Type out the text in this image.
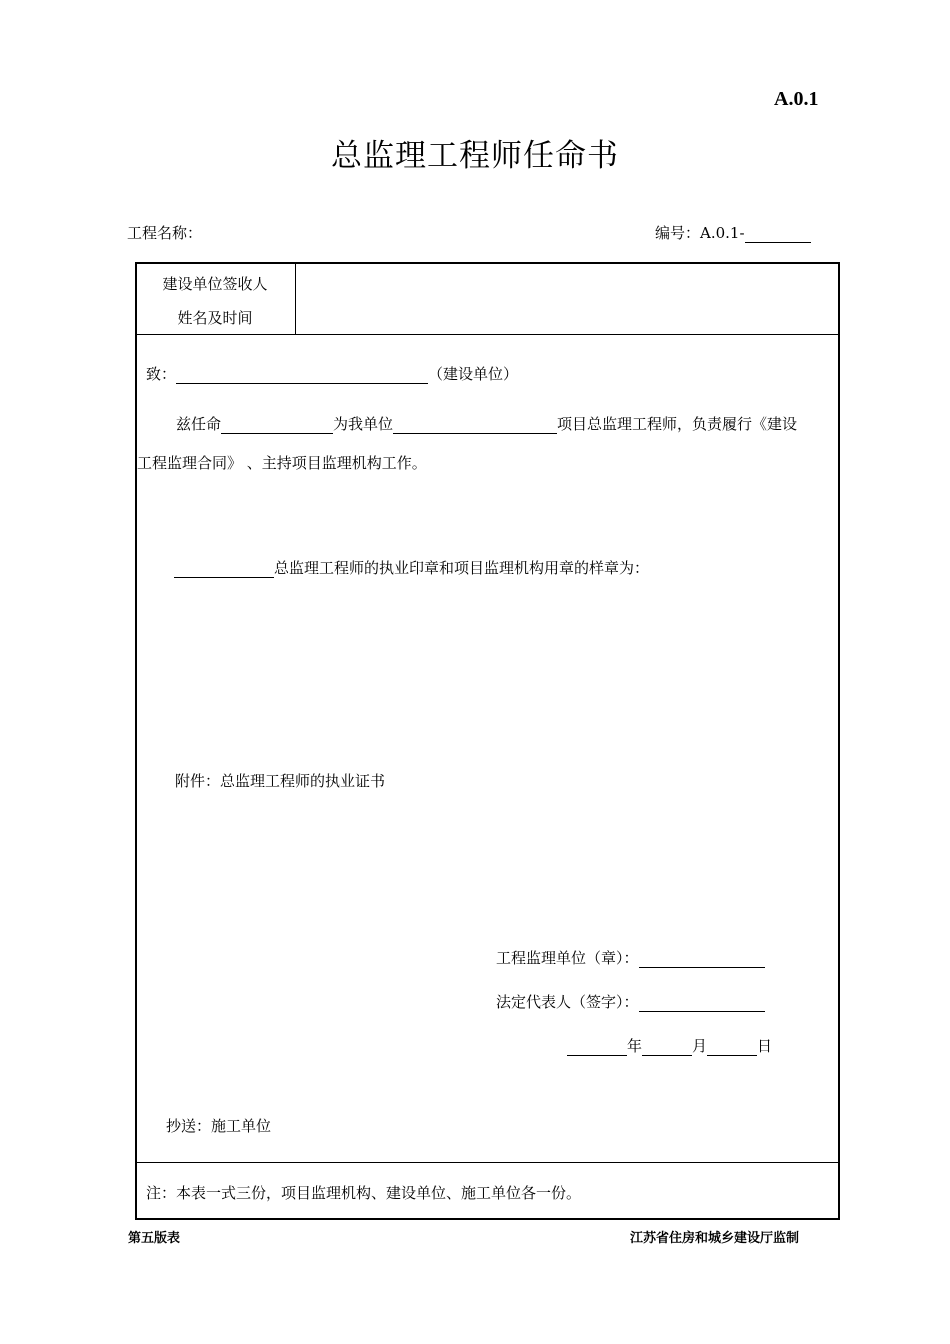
A.0.1
总监理工程师任命书
工程名称：	编号：A.0.1-
建设单位签收人
姓名及时间
致：	（建设单位）
兹任命	为我单位	项目总监理工程师，负责履行《建设
工程监理合同》 、主持项目监理机构工作。
总监理工程师的执业印章和项目监理机构用章的样章为：
附件：总监理工程师的执业证书
工程监理单位（章）：
法定代表人（签字）：
年	月	日
抄送：施工单位
注：本表一式三份，项目监理机构、建设单位、施工单位各一份。
第五版表	江苏省住房和城乡建设厅监制
